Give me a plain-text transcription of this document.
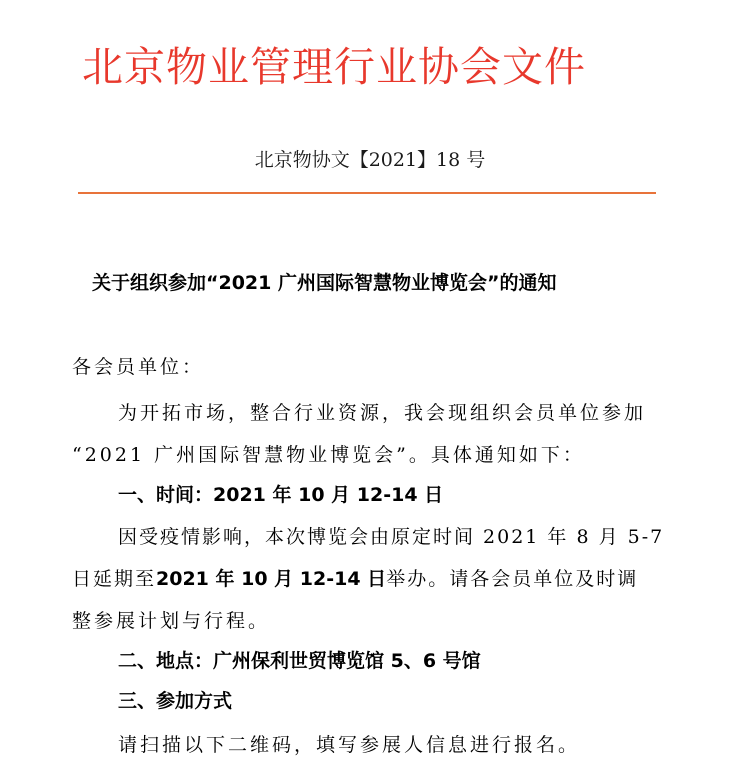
北京物业管理行业协会文件
北京物协文【2021】18 号
关于组织参加“2021 广州国际智慧物业博览会”的通知
各会员单位：
为开拓市场，整合行业资源，我会现组织会员单位参加
“2021 广州国际智慧物业博览会”。具体通知如下：
一、时间：2021 年 10 月 12-14 日
因受疫情影响，本次博览会由原定时间 2021 年 8 月 5-7
日延期至2021 年 10 月 12-14 日举办。请各会员单位及时调
整参展计划与行程。
二、地点：广州保利世贸博览馆 5、6 号馆
三、参加方式
请扫描以下二维码，填写参展人信息进行报名。
